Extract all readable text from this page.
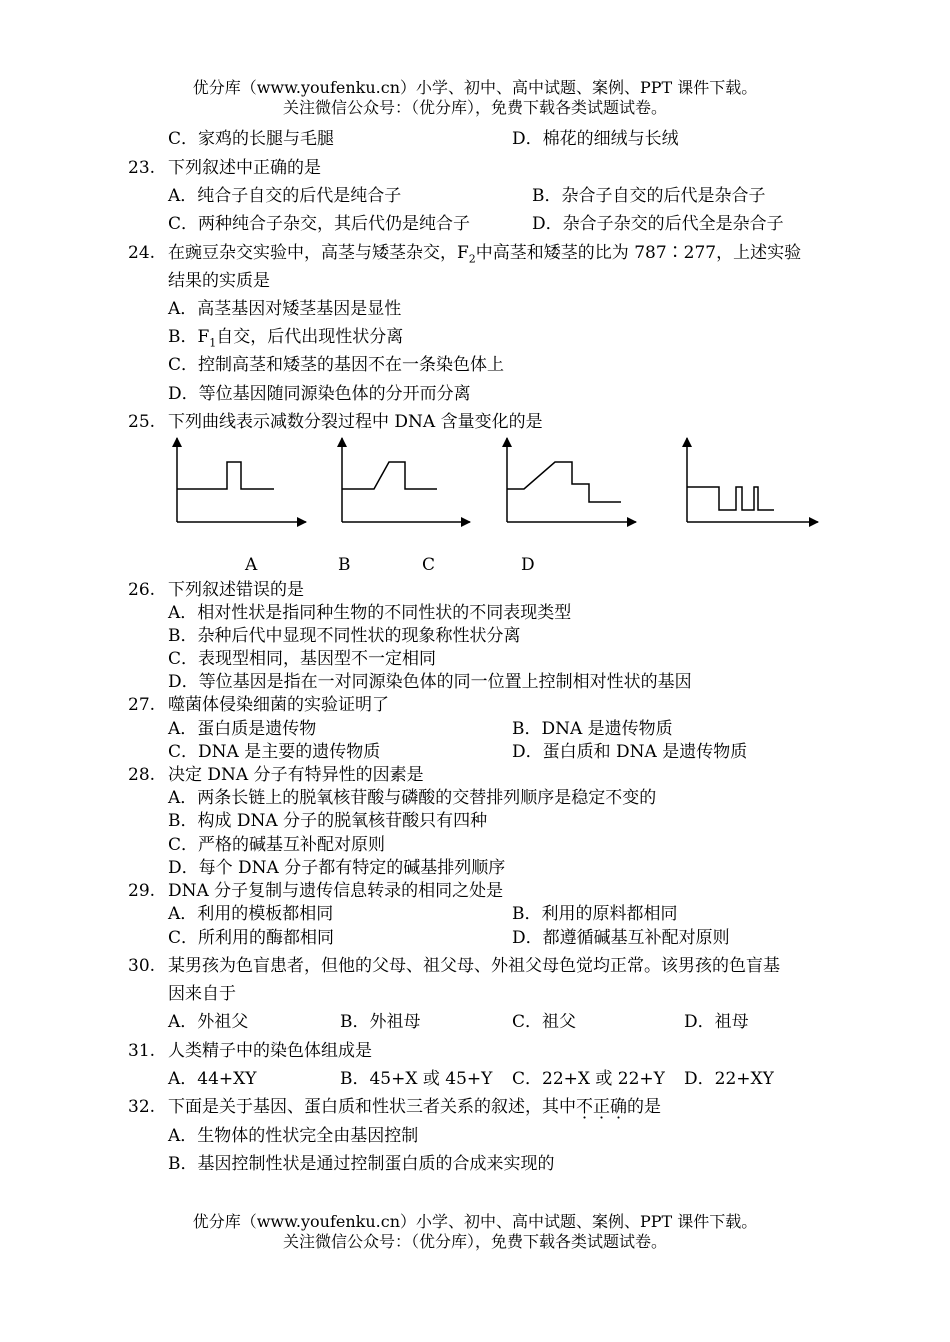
优分库（www.youfenku.cn）小学、初中、高中试题、案例、PPT 课件下载。
关注微信公众号：（优分库），免费下载各类试题试卷。
C．家鸡的长腿与毛腿	D．棉花的细绒与长绒
23. 下列叙述中正确的是
A．纯合子自交的后代是纯合子	B．杂合子自交的后代是杂合子
C．两种纯合子杂交，其后代仍是纯合子	D．杂合子杂交的后代全是杂合子
24. 在豌豆杂交实验中，高茎与矮茎杂交，$F_2$中高茎和矮茎的比为 787∶277，上述实验
结果的实质是
A．高茎基因对矮茎基因是显性
B．$F_1$自交，后代出现性状分离
C．控制高茎和矮茎的基因不在一条染色体上
D．等位基因随同源染色体的分开而分离
25. 下列曲线表示减数分裂过程中 DNA 含量变化的是
A	B	C	D
26. 下列叙述错误的是
A．相对性状是指同种生物的不同性状的不同表现类型
B．杂种后代中显现不同性状的现象称性状分离
C．表现型相同，基因型不一定相同
D．等位基因是指在一对同源染色体的同一位置上控制相对性状的基因
27. 噬菌体侵染细菌的实验证明了
A．蛋白质是遗传物	B．DNA 是遗传物质
C．DNA 是主要的遗传物质	D．蛋白质和 DNA 是遗传物质
28. 决定 DNA 分子有特异性的因素是
A．两条长链上的脱氧核苷酸与磷酸的交替排列顺序是稳定不变的
B．构成 DNA 分子的脱氧核苷酸只有四种
C．严格的碱基互补配对原则
D．每个 DNA 分子都有特定的碱基排列顺序
29. DNA 分子复制与遗传信息转录的相同之处是
A．利用的模板都相同	B．利用的原料都相同
C．所利用的酶都相同	D．都遵循碱基互补配对原则
30. 某男孩为色盲患者，但他的父母、祖父母、外祖父母色觉均正常。该男孩的色盲基
因来自于
A．外祖父	B．外祖母	C．祖父	D．祖母
31. 人类精子中的染色体组成是
A．44+XY	B．45+X 或 45+Y C．22+X 或 22+Y D．22+XY
32. 下面是关于基因、蛋白质和性状三者关系的叙述，其中不正确的是
A．生物体的性状完全由基因控制
B．基因控制性状是通过控制蛋白质的合成来实现的
优分库（www.youfenku.cn）小学、初中、高中试题、案例、PPT 课件下载。
关注微信公众号：（优分库），免费下载各类试题试卷。
